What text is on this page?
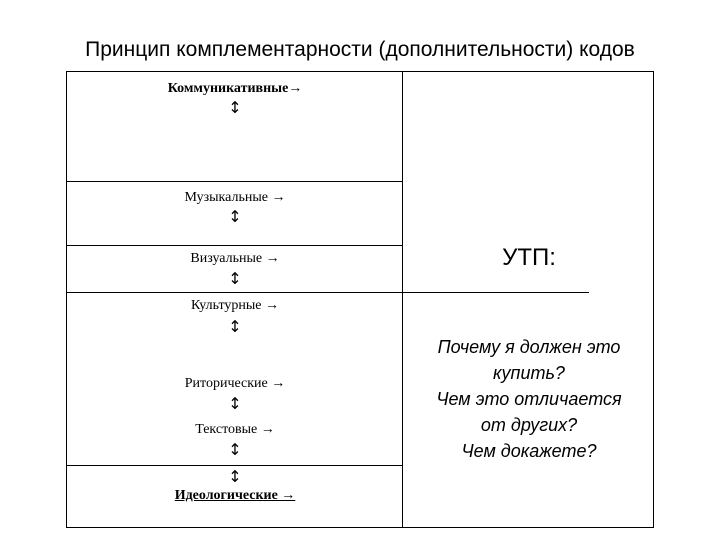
Принцип комплементарности (дополнительности) кодов
Коммуникативные→
↕
Музыкальные →
↕
Визуальные →
↕
Культурные →
↕
Риторические →
↕
Текстовые →
↕
↕
Идеологические →
УТП:
Почему я должен это
купить?
Чем это отличается
от других?
Чем докажете?
